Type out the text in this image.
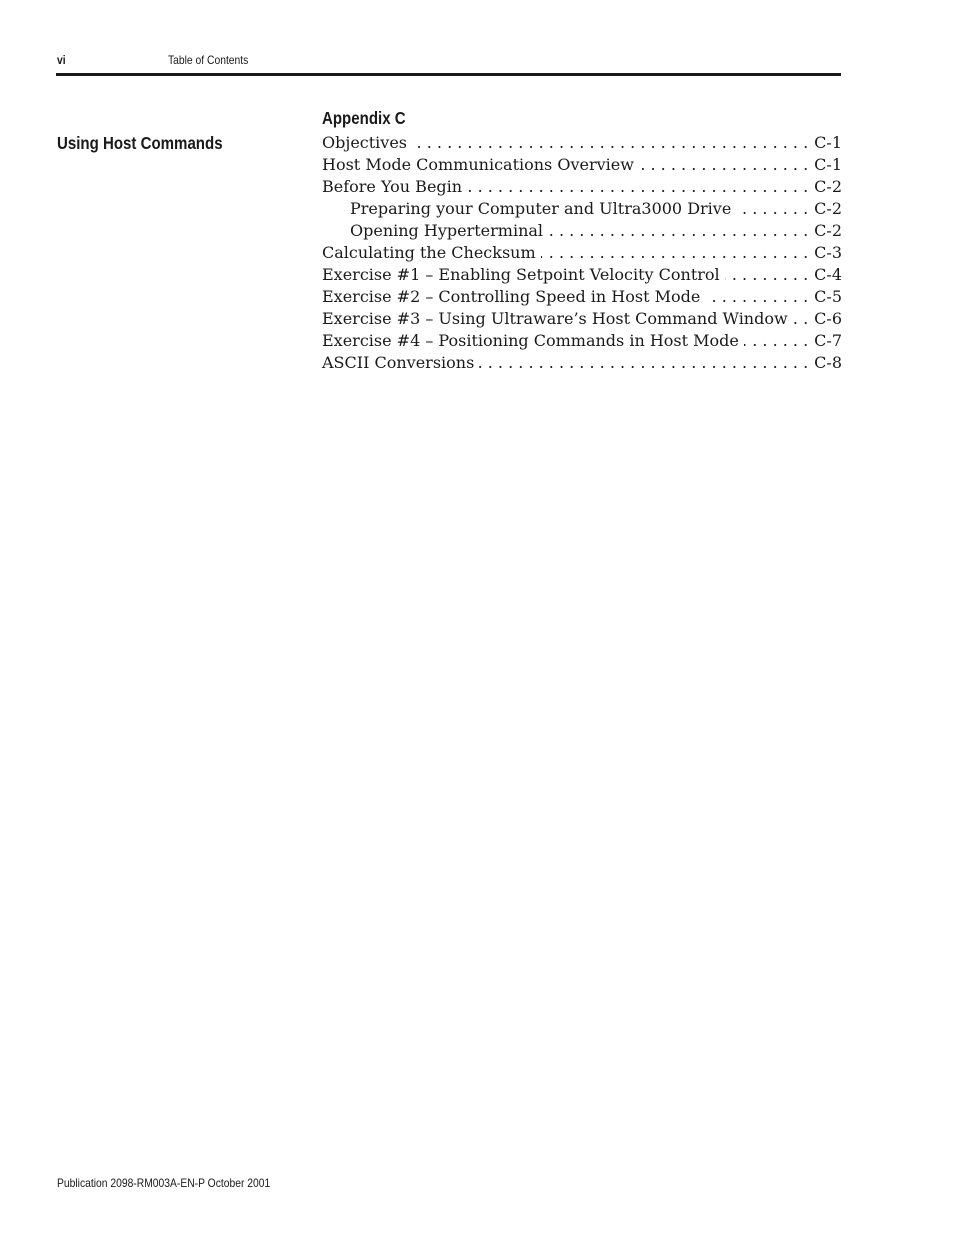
vi	Table of Contents
Using Host Commands
Appendix C
Objectives . . .	C-1
Host Mode Communications Overview . . .	C-1
Before You Begin . . .	C-2
Preparing your Computer and Ultra3000 Drive . . .	C-2
Opening Hyperterminal . . .	C-2
Calculating the Checksum . . .	C-3
Exercise #1 – Enabling Setpoint Velocity Control . . .	C-4
Exercise #2 – Controlling Speed in Host Mode . . .	C-5
Exercise #3 – Using Ultraware’s Host Command Window . . . C-6
Exercise #4 – Positioning Commands in Host Mode . . .	C-7
ASCII Conversions . . .	C-8
Publication 2098-RM003A-EN-P October 2001
